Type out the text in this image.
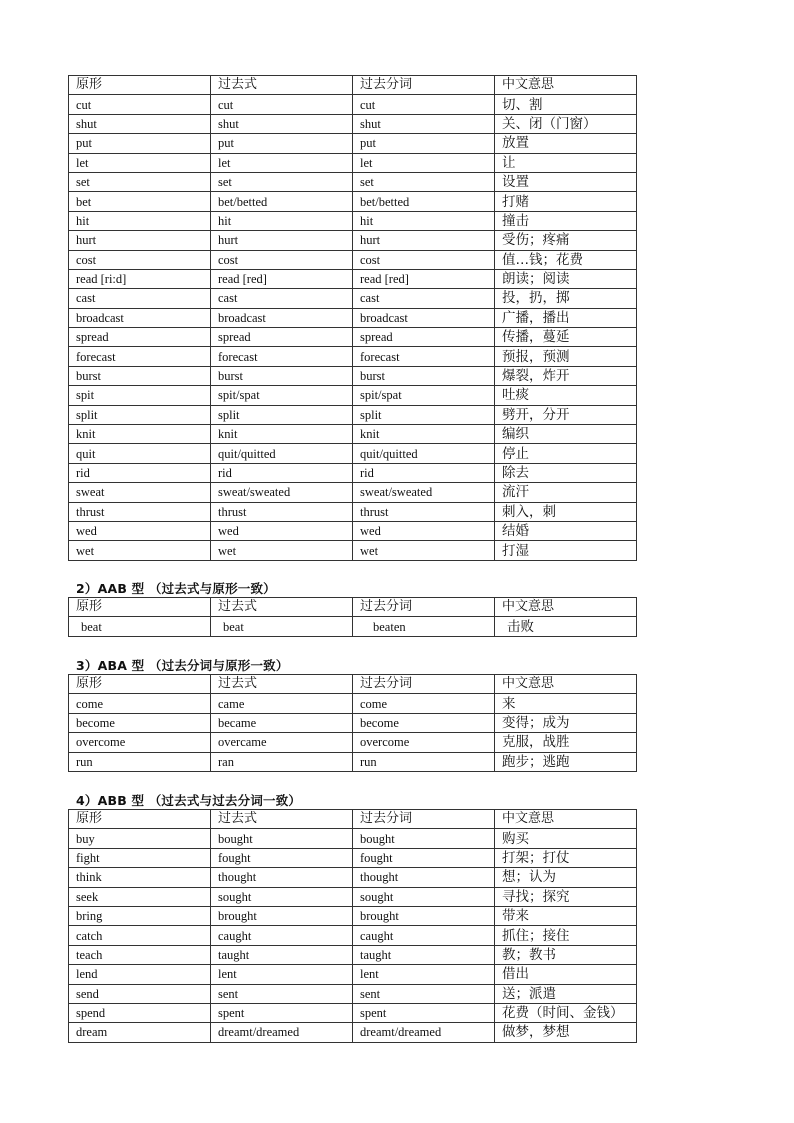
原形	过去式	过去分词	中文意思
cut	cut	cut	切、割
shut	shut	shut	关、闭（门窗）
put	put	put	放置
let	let	let	让
set	set	set	设置
bet	bet/betted	bet/betted	打赌
hit	hit	hit	撞击
hurt	hurt	hurt	受伤；疼痛
cost	cost	cost	值…钱；花费
read [ri:d]	read [red]	read [red]	朗读；阅读
cast	cast	cast	投，扔，掷
broadcast	broadcast	broadcast	广播，播出
spread	spread	spread	传播，蔓延
forecast	forecast	forecast	预报，预测
burst	burst	burst	爆裂，炸开
spit	spit/spat	spit/spat	吐痰
split	split	split	劈开，分开
knit	knit	knit	编织
quit	quit/quitted	quit/quitted	停止
rid	rid	rid	除去
sweat	sweat/sweated	sweat/sweated	流汗
thrust	thrust	thrust	刺入，刺
wed	wed	wed	结婚
wet	wet	wet	打湿
2）AAB 型 （过去式与原形一致）
原形	过去式	过去分词	中文意思
beat	beat	beaten	击败
3）ABA 型 （过去分词与原形一致）
原形	过去式	过去分词	中文意思
come	came	come	来
become	became	become	变得；成为
overcome	overcame	overcome	克服，战胜
run	ran	run	跑步；逃跑
4）ABB 型 （过去式与过去分词一致）
原形	过去式	过去分词	中文意思
buy	bought	bought	购买
fight	fought	fought	打架；打仗
think	thought	thought	想；认为
seek	sought	sought	寻找；探究
bring	brought	brought	带来
catch	caught	caught	抓住；接住
teach	taught	taught	教；教书
lend	lent	lent	借出
send	sent	sent	送；派遣
spend	spent	spent	花费（时间、金钱）
dream	dreamt/dreamed	dreamt/dreamed	做梦，梦想
